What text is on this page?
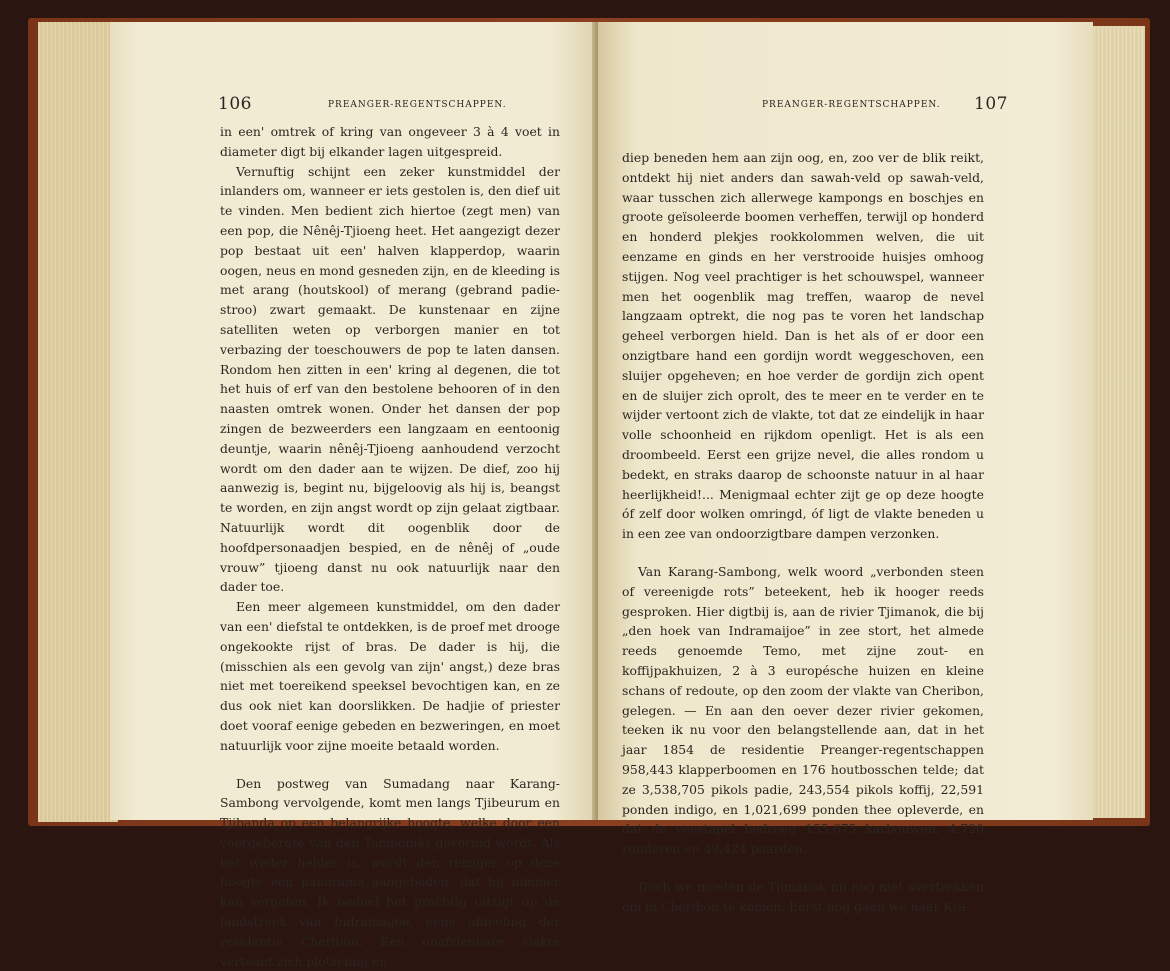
106	PREANGER-REGENTSCHAPPEN.

in een' omtrek of kring van ongeveer 3 à 4 voet in diameter digt bij elkander lagen uitgespreid.

Vernuftig schijnt een zeker kunstmiddel der inlanders om, wanneer er iets gestolen is, den dief uit te vinden. Men bedient zich hiertoe (zegt men) van een pop, die Nênêj-Tjioeng heet. Het aangezigt dezer pop bestaat uit een' halven klapperdop, waarin oogen, neus en mond gesneden zijn, en de kleeding is met arang (houtskool) of merang (gebrand padie-stroo) zwart gemaakt. De kunstenaar en zijne satelliten weten op verborgen manier en tot verbazing der toeschouwers de pop te laten dansen. Rondom hen zitten in een' kring al degenen, die tot het huis of erf van den bestolene behooren of in den naasten omtrek wonen. Onder het dansen der pop zingen de bezweerders een langzaam en eentoonig deuntje, waarin nênêj-Tjioeng aanhoudend verzocht wordt om den dader aan te wijzen. De dief, zoo hij aanwezig is, begint nu, bijgeloovig als hij is, beangst te worden, en zijn angst wordt op zijn gelaat zigtbaar. Natuurlijk wordt dit oogenblik door de hoofdpersonaadjen bespied, en de nênêj of „oude vrouw” tjioeng danst nu ook natuurlijk naar den dader toe.

Een meer algemeen kunstmiddel, om den dader van een' diefstal te ontdekken, is de proef met drooge ongekookte rijst of bras. De dader is hij, die (misschien als een gevolg van zijn' angst,) deze bras niet met toereikend speeksel bevochtigen kan, en ze dus ook niet kan doorslikken. De hadjie of priester doet vooraf eenige gebeden en bezweringen, en moet natuurlijk voor zijne moeite betaald worden.

Den postweg van Sumadang naar Karang-Sambong vervolgende, komt men langs Tjibeurum en Tjibanda op een belangrijke hoogte, welke door een voorgebergte van den Tampomâs gevormd wordt. Als het weder helder is, wordt den reiziger op deze hoogte een panorama aangeboden, dat hij nimmer kan vergeten. Ik bedoel het prachtig uitzigt op de landstreek van Indramaijoe, eene afdeeling der residentie Cheribon. Een onafzienbare vlakte vertoont zich plotseling en

PREANGER-REGENTSCHAPPEN. 107

diep beneden hem aan zijn oog, en, zoo ver de blik reikt, ontdekt hij niet anders dan sawah-veld op sawah-veld, waar tusschen zich allerwege kampongs en boschjes en groote geïsoleerde boomen verheffen, terwijl op honderd en honderd plekjes rookkolommen welven, die uit eenzame en ginds en her verstrooide huisjes omhoog stijgen. Nog veel prachtiger is het schouwspel, wanneer men het oogenblik mag treffen, waarop de nevel langzaam optrekt, die nog pas te voren het landschap geheel verborgen hield. Dan is het als of er door een onzigtbare hand een gordijn wordt weggeschoven, een sluijer opgeheven; en hoe verder de gordijn zich opent en de sluijer zich oprolt, des te meer en te verder en te wijder vertoont zich de vlakte, tot dat ze eindelijk in haar volle schoonheid en rijkdom openligt. Het is als een droombeeld. Eerst een grijze nevel, die alles rondom u bedekt, en straks daarop de schoonste natuur in al haar heerlijkheid!... Menigmaal echter zijt ge op deze hoogte óf zelf door wolken omringd, óf ligt de vlakte beneden u in een zee van ondoorzigtbare dampen verzonken.

Van Karang-Sambong, welk woord „verbonden steen of vereenigde rots” beteekent, heb ik hooger reeds gesproken. Hier digtbij is, aan de rivier Tjimanok, die bij „den hoek van Indramaijoe” in zee stort, het almede reeds genoemde Temo, met zijne zout- en koffijpakhuizen, 2 à 3 europésche huizen en kleine schans of redoute, op den zoom der vlakte van Cheribon, gelegen. — En aan den oever dezer rivier gekomen, teeken ik nu voor den belangstellende aan, dat in het jaar 1854 de residentie Preanger-regentschappen 958,443 klapperboomen en 176 houtbosschen telde; dat ze 3,538,705 pikols padie, 243,554 pikols koffij, 22,591 ponden indigo, en 1,021,699 ponden thee opleverde, en dat de veestapel bedroeg 155,675 karbouwen, 4,720 runderen en 49,424 paarden.

Doch we moeten de Tjimanok nu nog niet overtrekken om in Cheribon te komen. Eerst nog gaan we naar Kra-
